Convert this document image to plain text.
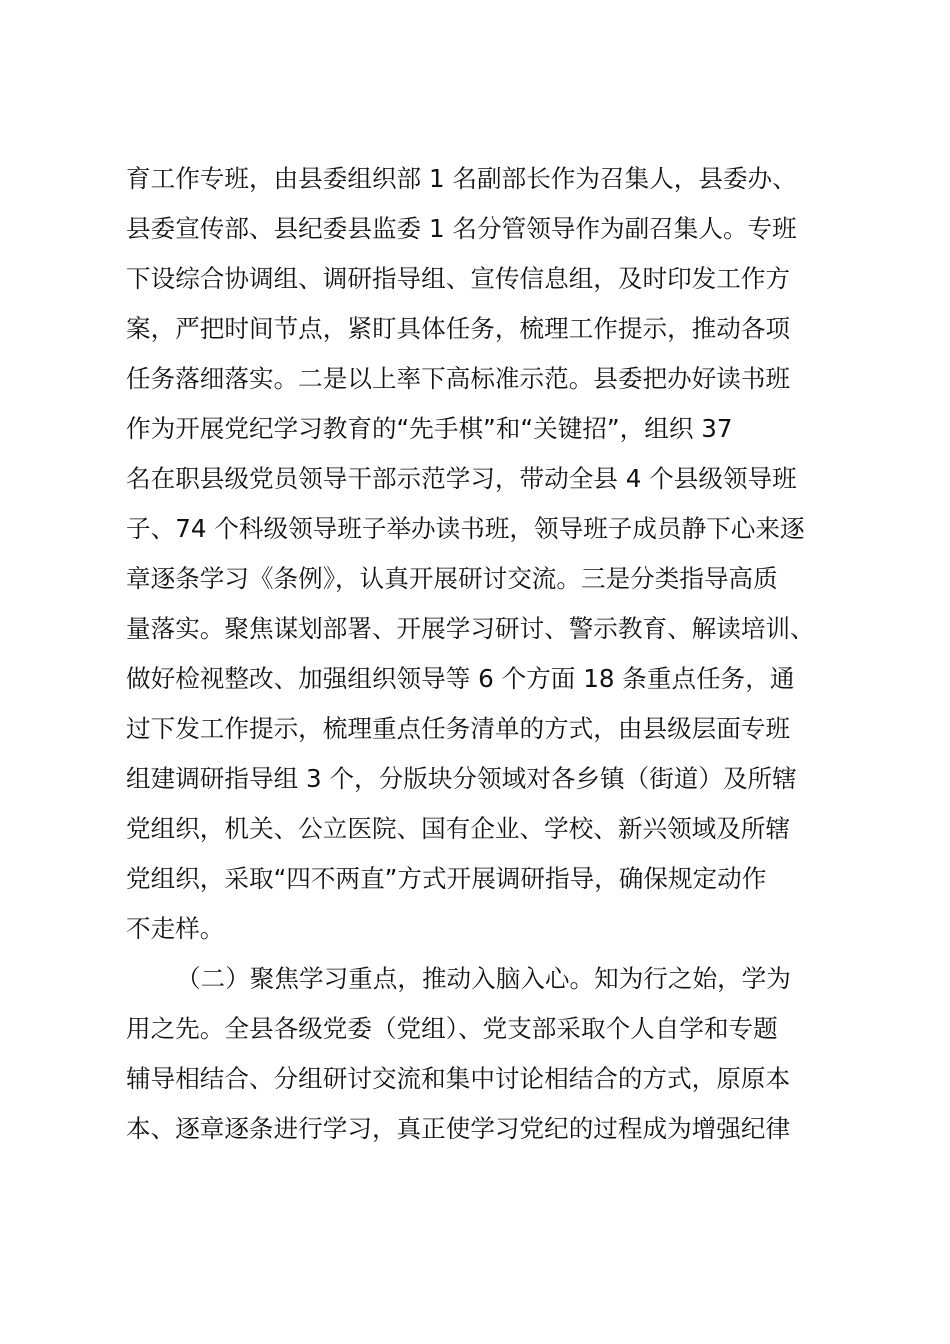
育工作专班，由县委组织部 1 名副部长作为召集人，县委办、
县委宣传部、县纪委县监委 1 名分管领导作为副召集人。专班
下设综合协调组、调研指导组、宣传信息组，及时印发工作方
案，严把时间节点，紧盯具体任务，梳理工作提示，推动各项
任务落细落实。二是以上率下高标准示范。县委把办好读书班
作为开展党纪学习教育的“先手棋”和“关键招”，组织 37
名在职县级党员领导干部示范学习，带动全县 4 个县级领导班
子、74 个科级领导班子举办读书班，领导班子成员静下心来逐
章逐条学习《条例》，认真开展研讨交流。三是分类指导高质
量落实。聚焦谋划部署、开展学习研讨、警示教育、解读培训、
做好检视整改、加强组织领导等 6 个方面 18 条重点任务，通
过下发工作提示，梳理重点任务清单的方式，由县级层面专班
组建调研指导组 3 个，分版块分领域对各乡镇（街道）及所辖
党组织，机关、公立医院、国有企业、学校、新兴领域及所辖
党组织，采取“四不两直”方式开展调研指导，确保规定动作
不走样。
（二）聚焦学习重点，推动入脑入心。知为行之始，学为
用之先。全县各级党委（党组）、党支部采取个人自学和专题
辅导相结合、分组研讨交流和集中讨论相结合的方式，原原本
本、逐章逐条进行学习，真正使学习党纪的过程成为增强纪律
